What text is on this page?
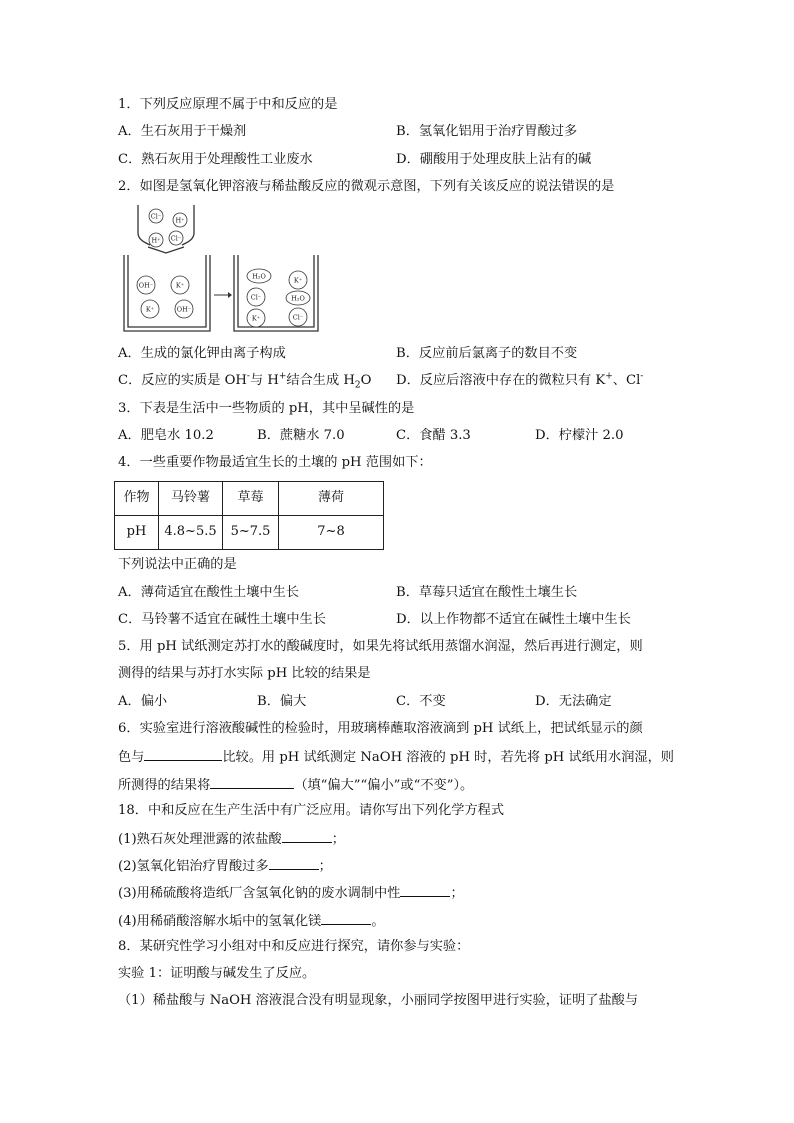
1．下列反应原理不属于中和反应的是
A．生石灰用于干燥剂	B．氢氧化铝用于治疗胃酸过多
C．熟石灰用于处理酸性工业废水	D．硼酸用于处理皮肤上沾有的碱
2．如图是氢氧化钾溶液与稀盐酸反应的微观示意图，下列有关该反应的说法错误的是
Cl⁻ H⁺
H⁺ Cl⁻
OH⁻	K⁺
K⁺	OH⁻
H₂O	K⁺
Cl⁻	H₂O
K⁺	Cl⁻
A．生成的氯化钾由离子构成	B．反应前后氯离子的数目不变
C．反应的实质是 OH-与 H+结合生成 $H_2O$ D．反应后溶液中存在的微粒只有 K+、Cl-
3．下表是生活中一些物质的 pH，其中呈碱性的是
A．肥皂水 10.2	B．蔗糖水 7.0	C．食醋 3.3	D．柠檬汁 2.0
4．一些重要作物最适宜生长的土壤的 pH 范围如下：
作物	马铃薯	草莓	薄荷
pH	4.8~5.5	5~7.5	7~8
下列说法中正确的是
A．薄荷适宜在酸性土壤中生长	B．草莓只适宜在酸性土壤生长
C．马铃薯不适宜在碱性土壤中生长	D．以上作物都不适宜在碱性土壤中生长
5．用 pH 试纸测定苏打水的酸碱度时，如果先将试纸用蒸馏水润湿，然后再进行测定，则
测得的结果与苏打水实际 pH 比较的结果是
A．偏小	B．偏大	C．不变	D．无法确定
6．实验室进行溶液酸碱性的检验时，用玻璃棒蘸取溶液滴到 pH 试纸上，把试纸显示的颜
色与	比较。用 pH 试纸测定 NaOH 溶液的 pH 时，若先将 pH 试纸用水润湿，则
所测得的结果将	（填“偏大”“偏小”或“不变”）。
18．中和反应在生产生活中有广泛应用。请你写出下列化学方程式
(1)熟石灰处理泄露的浓盐酸	；
(2)氢氧化铝治疗胃酸过多	；
(3)用稀硫酸将造纸厂含氢氧化钠的废水调制中性	；
(4)用稀硝酸溶解水垢中的氢氧化镁	。
8．某研究性学习小组对中和反应进行探究，请你参与实验：
实验 1：证明酸与碱发生了反应。
（1）稀盐酸与 NaOH 溶液混合没有明显现象，小丽同学按图甲进行实验，证明了盐酸与
